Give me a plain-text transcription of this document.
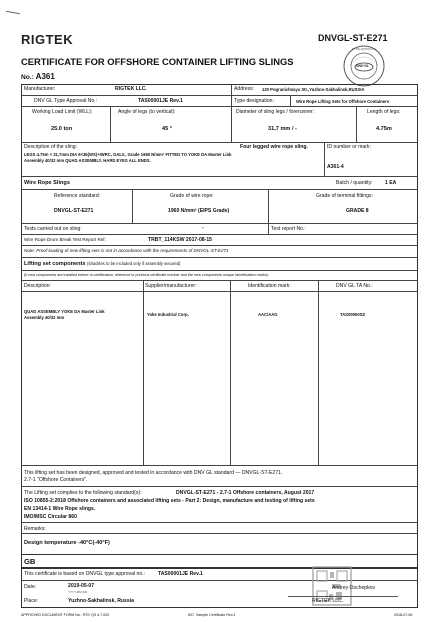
RIGTEK	DNVGL-ST-E271
CERTIFICATE FOR OFFSHORE CONTAINER LIFTING SLINGS
No.: A361
TYPE APPROVAL
DNV·GL
Manufacturer:	RIGTEK LLC.	Address: 120 Pogranichnaya Str.,Yuzhno-Sakhalinsk,RUSSIA
DNV GL Type Approval No.:	TAS00001JE Rev.1	Type designation:	Wire Rope Lifting Sets for Offshore Containers
Working Load Limit (WLL):	Angle of legs (to vertical):	Diameter of sling legs / forerunner:	Length of legs:
25.0 ton	45 °	31,7 mm / -	4.75m
Description of the sling:	Four legged wire rope sling.
LEGS 4.75m × 31,7mm DIA 6×36(WS)+IWRC, GALV., Grade 1960 N/mm² FITTED TO YOKE DA Master Link
Assembly 40/32 mm QUAD ASSEMBLY. HARD EYES ALL ENDS.
ID number or mark:
A361-4
Wire Rope Slings	Batch / quantity: 1 EA
Reference standard:	Grade of wire rope:	Grade of terminal fittings:
DNVGL-ST-E271	1960 N/mm² (EIPS Grade)	GRADE 8
Tests carried out on sling:	-	Test report No.:
Wire Rope Drum Break Test Report Ref:	TRBT_114KSW 2017-08-15
Note: Proof loading of new lifting sets is not in accordance with the requirements of DNVGL-ST-E271
Lifting set components (shackles to be included only if assembly secured)
(If new components are installed before re-certification, reference to previous certificate number and the new components unique identification marks):
Description:	Supplier/manufacturer:	Identification mark:	DNV GL TA No.:
QUAD ASSEMBLY YOKE DA Master Link
Assembly 40/32 mm
Yoke Industrial Corp.	AAC/AAG	TAS00000SZ
This lifting set has been designed, approved and tested in accordance with DNV GL standard — DNVGL-ST-E271.
2.7-1 "Offshore Containers".
The Lifting set complies to the following standard(s):	DNVGL-ST-E271 - 2.7-1 Offshore containers, August 2017
ISO 10855-2:2018 Offshore containers and associated lifting sets - Part 2: Design, manufacture and testing of lifting sets
EN 13414-1 Wire Rope slings.
IMO/MSC Circular 860
Remarks:
Design temperature -40°C(-40°F)
GB
This certificate is based on DNVGL type approval no.:	TAS00001JE Rev.1
Date:	2019-05-07
YYYY-MM-DD
Place:	Yuzhno-Sakhalinsk, Russia
Andrey Oschepkov
RIGTEK LLC.
APPROVED DOCUMENT FORM No.: RTK QS 4.7.020	607. Sample Certificate Rev.1	2018-07-06
